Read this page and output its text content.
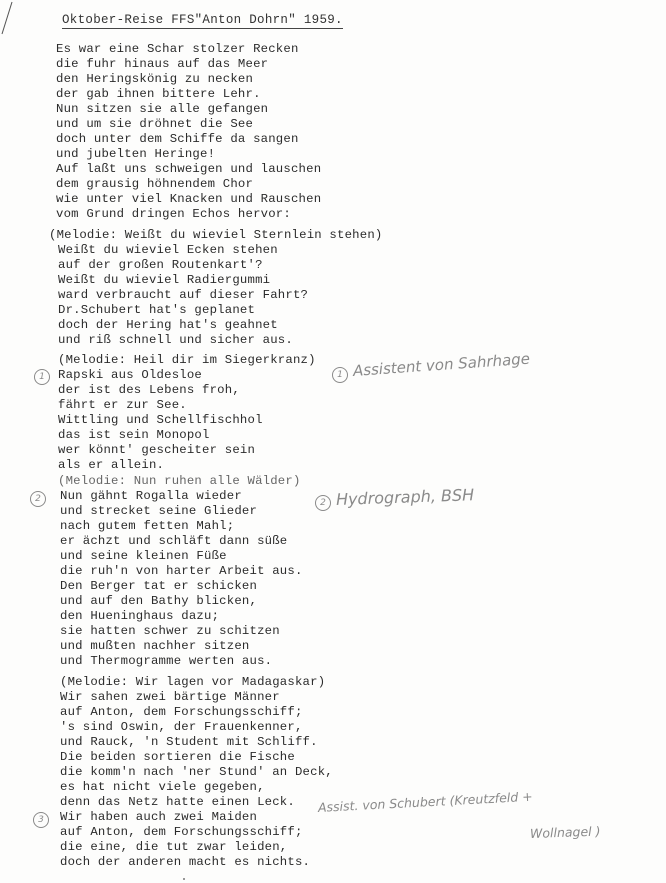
Oktober-Reise FFS"Anton Dohrn" 1959.
Es war eine Schar stolzer Recken
die fuhr hinaus auf das Meer
den Heringskönig zu necken
der gab ihnen bittere Lehr.
Nun sitzen sie alle gefangen
und um sie dröhnet die See
doch unter dem Schiffe da sangen
und jubelten Heringe!
Auf laßt uns schweigen und lauschen
dem grausig höhnendem Chor
wie unter viel Knacken und Rauschen
vom Grund dringen Echos hervor:
(Melodie: Weißt du wieviel Sternlein stehen)
Weißt du wieviel Ecken stehen
auf der großen Routenkart'?
Weißt du wieviel Radiergummi
ward verbraucht auf dieser Fahrt?
Dr.Schubert hat's geplanet
doch der Hering hat's geahnet
und riß schnell und sicher aus.
(Melodie: Heil dir im Siegerkranz)
1	Rapski aus Oldesloe
der ist des Lebens froh,
fährt er zur See.
Wittling und Schellfischhol
das ist sein Monopol
wer könnt' gescheiter sein
als er allein.
(Melodie: Nun ruhen alle Wälder)
2	Nun gähnt Rogalla wieder
und strecket seine Glieder
nach gutem fetten Mahl;
er ächzt und schläft dann süße
und seine kleinen Füße
die ruh'n von harter Arbeit aus.
Den Berger tat er schicken
und auf den Bathy blicken,
den Hueninghaus dazu;
sie hatten schwer zu schitzen
und mußten nachher sitzen
und Thermogramme werten aus.
(Melodie: Wir lagen vor Madagaskar)
Wir sahen zwei bärtige Männer
auf Anton, dem Forschungsschiff;
's sind Oswin, der Frauenkenner,
und Rauck, 'n Student mit Schliff.
Die beiden sortieren die Fische
die komm'n nach 'ner Stund' an Deck,
es hat nicht viele gegeben,
denn das Netz hatte einen Leck.
3	Wir haben auch zwei Maiden
auf Anton, dem Forschungsschiff;
die eine, die tut zwar leiden,
doch der anderen macht es nichts.
1 Assistent von Sahrhage
2 Hydrograph, BSH
Assist. von Schubert (Kreutzfeld +
Wollnagel )
